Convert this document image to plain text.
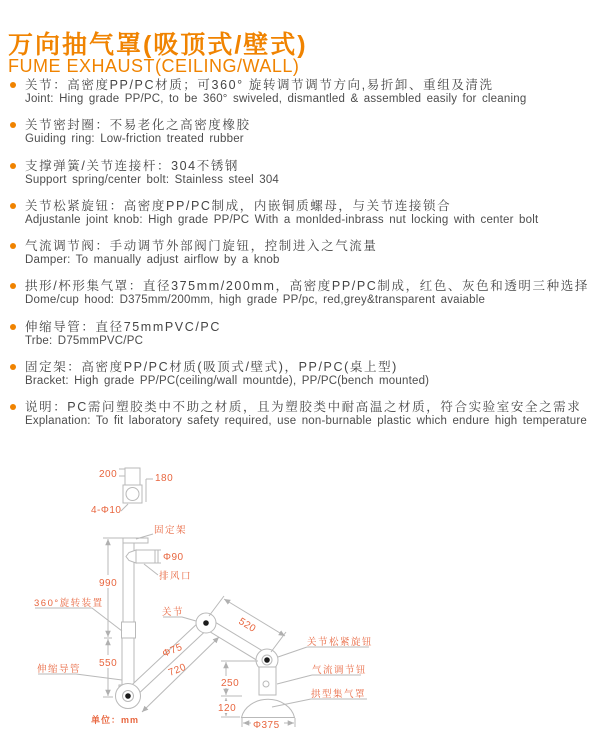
万向抽气罩(吸顶式/壁式)
FUME EXHAUST(CEILING/WALL)
关节：高密度PP/PC材质；可360° 旋转调节调节方向,易折卸、重组及清洗
Joint: Hing grade PP/PC, to be 360° swiveled, dismantled & assembled easily for cleaning
关节密封圈：不易老化之高密度橡胶
Guiding ring: Low-friction treated rubber
支撑弹簧/关节连接杆：304不锈钢
Support spring/center bolt: Stainless steel 304
关节松紧旋钮：高密度PP/PC制成，内嵌铜质螺母，与关节连接锁合
Adjustanle joint knob: High grade PP/PC With a monlded-inbrass nut locking with center bolt
气流调节阀：手动调节外部阀门旋钮，控制进入之气流量
Damper: To manually adjust airflow by a knob
拱形/杯形集气罩：直径375mm/200mm，高密度PP/PC制成，红色、灰色和透明三种选择
Dome/cup hood: D375mm/200mm, high grade PP/pc, red,grey&transparent avaiable
伸缩导管：直径75mmPVC/PC
Trbe: D75mmPVC/PC
固定架：高密度PP/PC材质(吸顶式/壁式)，PP/PC(桌上型)
Bracket: High grade PP/PC(ceiling/wall mountde), PP/PC(bench mounted)
说明：PC需问塑胶类中不助之材质，且为塑胶类中耐高温之材质，符合实验室安全之需求
Explanation: To fit laboratory safety required, use non-burnable plastic which endure high temperature
200	180
4-Φ10
固定架
Φ90
排风口
990
550
360°旋转装置
伸缩导管
关节
520
Φ75
720
单位：mm
关节松紧旋钮
气流调节钮
拱型集气罩
250
120
Φ375
